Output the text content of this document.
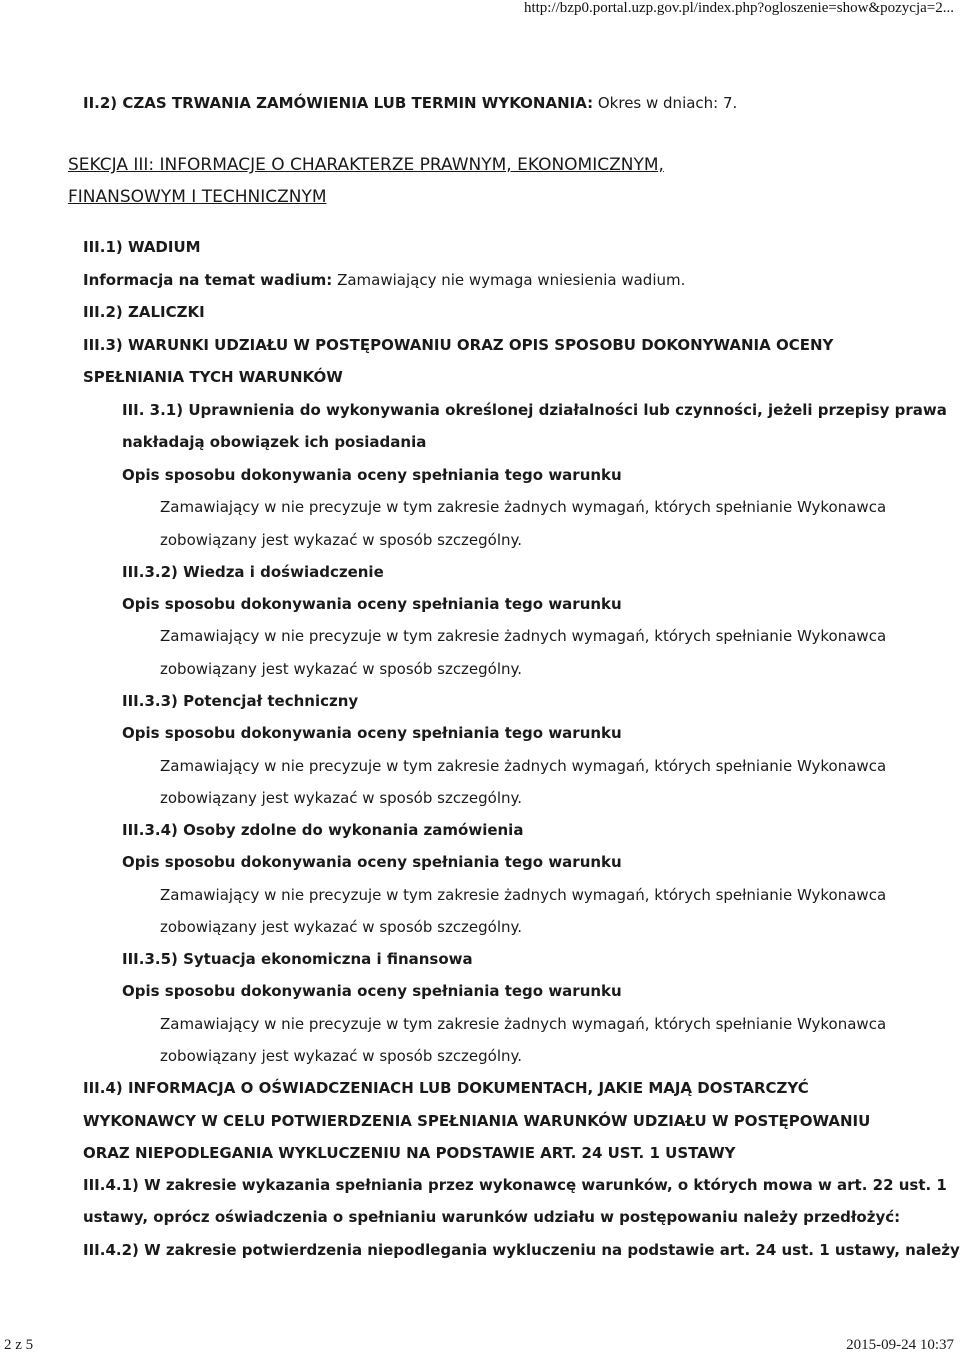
http://bzp0.portal.uzp.gov.pl/index.php?ogloszenie=show&pozycja=2...
II.2) CZAS TRWANIA ZAMÓWIENIA LUB TERMIN WYKONANIA: Okres w dniach: 7.
SEKCJA III: INFORMACJE O CHARAKTERZE PRAWNYM, EKONOMICZNYM,
FINANSOWYM I TECHNICZNYM
III.1) WADIUM
Informacja na temat wadium: Zamawiający nie wymaga wniesienia wadium.
III.2) ZALICZKI
III.3) WARUNKI UDZIAŁU W POSTĘPOWANIU ORAZ OPIS SPOSOBU DOKONYWANIA OCENY
SPEŁNIANIA TYCH WARUNKÓW
III. 3.1) Uprawnienia do wykonywania określonej działalności lub czynności, jeżeli przepisy prawa
nakładają obowiązek ich posiadania
Opis sposobu dokonywania oceny spełniania tego warunku
Zamawiający w nie precyzuje w tym zakresie żadnych wymagań, których spełnianie Wykonawca
zobowiązany jest wykazać w sposób szczególny.
III.3.2) Wiedza i doświadczenie
Opis sposobu dokonywania oceny spełniania tego warunku
Zamawiający w nie precyzuje w tym zakresie żadnych wymagań, których spełnianie Wykonawca
zobowiązany jest wykazać w sposób szczególny.
III.3.3) Potencjał techniczny
Opis sposobu dokonywania oceny spełniania tego warunku
Zamawiający w nie precyzuje w tym zakresie żadnych wymagań, których spełnianie Wykonawca
zobowiązany jest wykazać w sposób szczególny.
III.3.4) Osoby zdolne do wykonania zamówienia
Opis sposobu dokonywania oceny spełniania tego warunku
Zamawiający w nie precyzuje w tym zakresie żadnych wymagań, których spełnianie Wykonawca
zobowiązany jest wykazać w sposób szczególny.
III.3.5) Sytuacja ekonomiczna i finansowa
Opis sposobu dokonywania oceny spełniania tego warunku
Zamawiający w nie precyzuje w tym zakresie żadnych wymagań, których spełnianie Wykonawca
zobowiązany jest wykazać w sposób szczególny.
III.4) INFORMACJA O OŚWIADCZENIACH LUB DOKUMENTACH, JAKIE MAJĄ DOSTARCZYĆ
WYKONAWCY W CELU POTWIERDZENIA SPEŁNIANIA WARUNKÓW UDZIAŁU W POSTĘPOWANIU
ORAZ NIEPODLEGANIA WYKLUCZENIU NA PODSTAWIE ART. 24 UST. 1 USTAWY
III.4.1) W zakresie wykazania spełniania przez wykonawcę warunków, o których mowa w art. 22 ust. 1
ustawy, oprócz oświadczenia o spełnianiu warunków udziału w postępowaniu należy przedłożyć:
III.4.2) W zakresie potwierdzenia niepodlegania wykluczeniu na podstawie art. 24 ust. 1 ustawy, należy
2 z 5	2015-09-24 10:37
